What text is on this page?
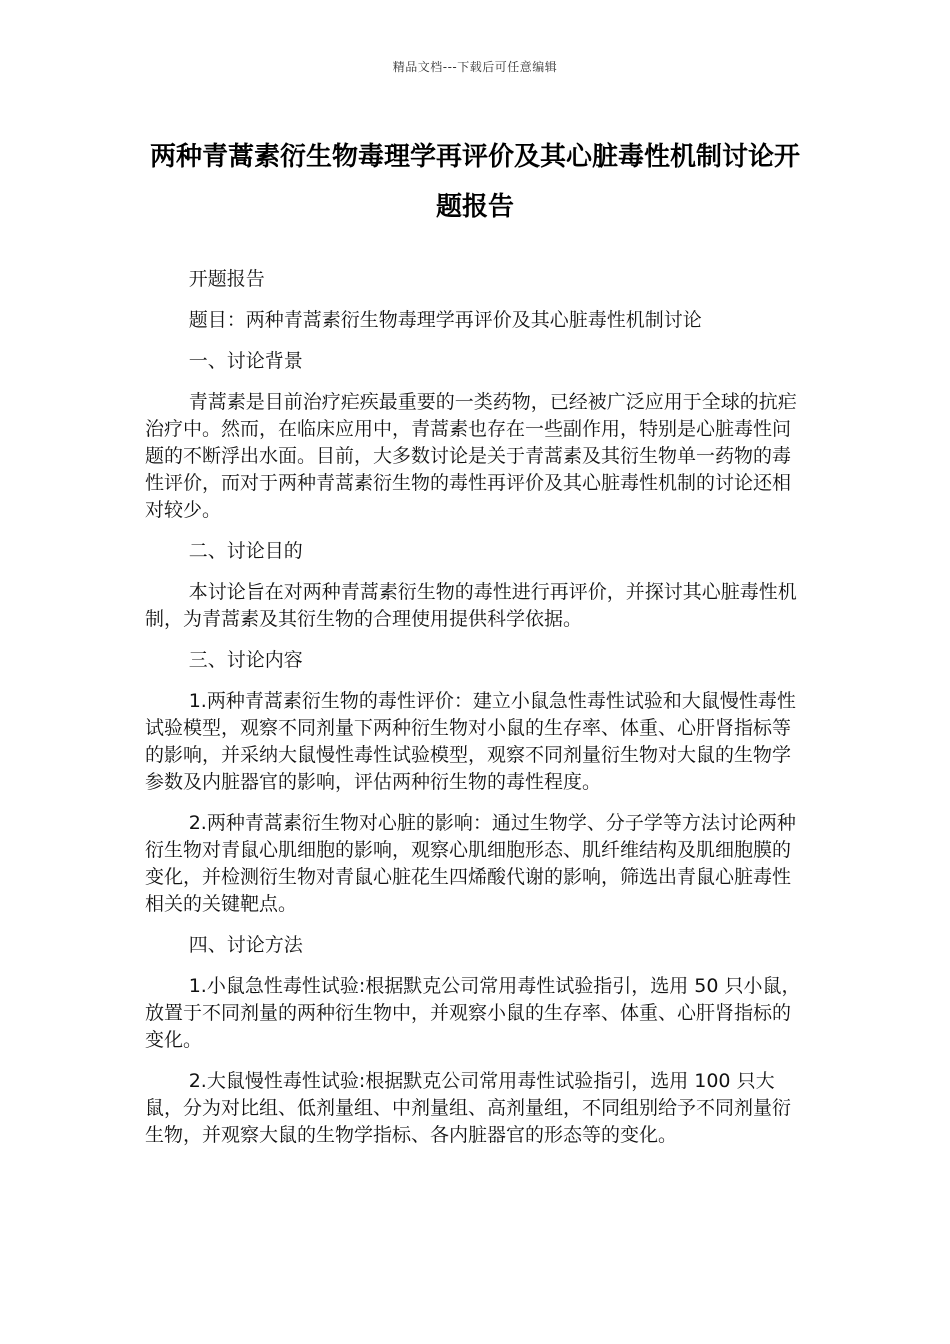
精品文档---下载后可任意编辑
两种青蒿素衍生物毒理学再评价及其心脏毒性机制讨论开题报告

开题报告

题目：两种青蒿素衍生物毒理学再评价及其心脏毒性机制讨论

一、讨论背景

青蒿素是目前治疗疟疾最重要的一类药物，已经被广泛应用于全球的抗疟治疗中。然而，在临床应用中，青蒿素也存在一些副作用，特别是心脏毒性问题的不断浮出水面。目前，大多数讨论是关于青蒿素及其衍生物单一药物的毒性评价，而对于两种青蒿素衍生物的毒性再评价及其心脏毒性机制的讨论还相对较少。

二、讨论目的

本讨论旨在对两种青蒿素衍生物的毒性进行再评价，并探讨其心脏毒性机制，为青蒿素及其衍生物的合理使用提供科学依据。

三、讨论内容

1.两种青蒿素衍生物的毒性评价：建立小鼠急性毒性试验和大鼠慢性毒性试验模型，观察不同剂量下两种衍生物对小鼠的生存率、体重、心肝肾指标等的影响，并采纳大鼠慢性毒性试验模型，观察不同剂量衍生物对大鼠的生物学参数及内脏器官的影响，评估两种衍生物的毒性程度。

2.两种青蒿素衍生物对心脏的影响：通过生物学、分子学等方法讨论两种衍生物对青鼠心肌细胞的影响，观察心肌细胞形态、肌纤维结构及肌细胞膜的变化，并检测衍生物对青鼠心脏花生四烯酸代谢的影响，筛选出青鼠心脏毒性相关的关键靶点。

四、讨论方法

1.小鼠急性毒性试验:根据默克公司常用毒性试验指引，选用 50 只小鼠，放置于不同剂量的两种衍生物中，并观察小鼠的生存率、体重、心肝肾指标的变化。

2.大鼠慢性毒性试验:根据默克公司常用毒性试验指引，选用 100 只大鼠，分为对比组、低剂量组、中剂量组、高剂量组，不同组别给予不同剂量衍生物，并观察大鼠的生物学指标、各内脏器官的形态等的变化。
